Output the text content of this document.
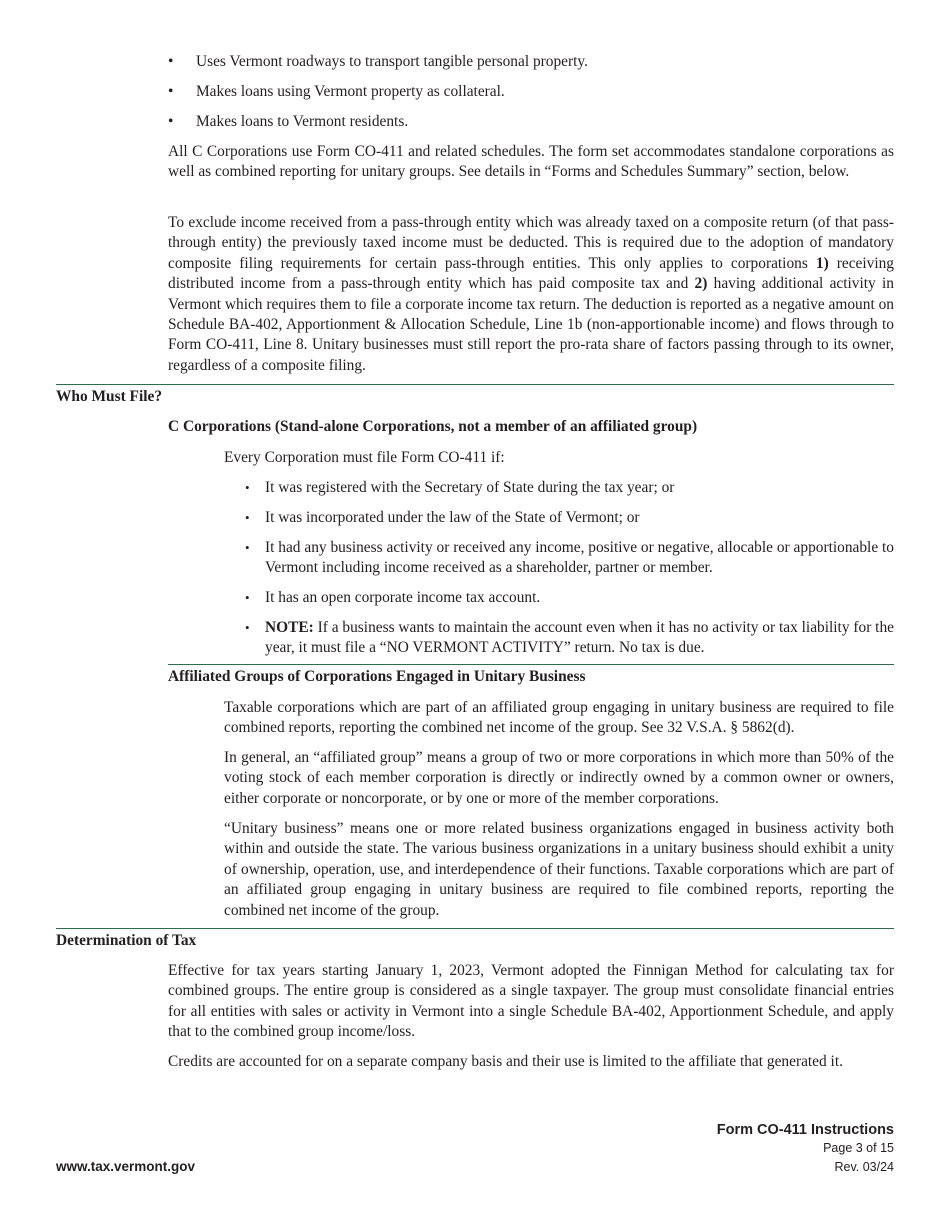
• Uses Vermont roadways to transport tangible personal property.
• Makes loans using Vermont property as collateral.
• Makes loans to Vermont residents.

All C Corporations use Form CO-411 and related schedules. The form set accommodates standalone corporations as well as combined reporting for unitary groups. See details in “Forms and Schedules Summary” section, below.

To exclude income received from a pass-through entity which was already taxed on a composite return (of that pass-through entity) the previously taxed income must be deducted. This is required due to the adoption of mandatory composite filing requirements for certain pass-through entities. This only applies to corporations 1) receiving distributed income from a pass-through entity which has paid composite tax and 2) having additional activity in Vermont which requires them to file a corporate income tax return. The deduction is reported as a negative amount on Schedule BA-402, Apportionment & Allocation Schedule, Line 1b (non-apportionable income) and flows through to Form CO-411, Line 8. Unitary businesses must still report the pro-rata share of factors passing through to its owner, regardless of a composite filing.

Who Must File?
C Corporations (Stand-alone Corporations, not a member of an affiliated group)

Every Corporation must file Form CO-411 if:

• It was registered with the Secretary of State during the tax year; or
• It was incorporated under the law of the State of Vermont; or
• It had any business activity or received any income, positive or negative, allocable or apportionable to Vermont including income received as a shareholder, partner or member.
• It has an open corporate income tax account.
• NOTE: If a business wants to maintain the account even when it has no activity or tax liability for the year, it must file a “NO VERMONT ACTIVITY” return. No tax is due.
Affiliated Groups of Corporations Engaged in Unitary Business

Taxable corporations which are part of an affiliated group engaging in unitary business are required to file combined reports, reporting the combined net income of the group. See 32 V.S.A. § 5862(d).

In general, an “affiliated group” means a group of two or more corporations in which more than 50% of the voting stock of each member corporation is directly or indirectly owned by a common owner or owners, either corporate or noncorporate, or by one or more of the member corporations.

“Unitary business” means one or more related business organizations engaged in business activity both within and outside the state. The various business organizations in a unitary business should exhibit a unity of ownership, operation, use, and interdependence of their functions. Taxable corporations which are part of an affiliated group engaging in unitary business are required to file combined reports, reporting the combined net income of the group.

Determination of Tax

Effective for tax years starting January 1, 2023, Vermont adopted the Finnigan Method for calculating tax for combined groups. The entire group is considered as a single taxpayer. The group must consolidate financial entries for all entities with sales or activity in Vermont into a single Schedule BA-402, Apportionment Schedule, and apply that to the combined group income/loss.

Credits are accounted for on a separate company basis and their use is limited to the affiliate that generated it.

Form CO-411 Instructions
Page 3 of 15
Rev. 03/24
www.tax.vermont.gov
